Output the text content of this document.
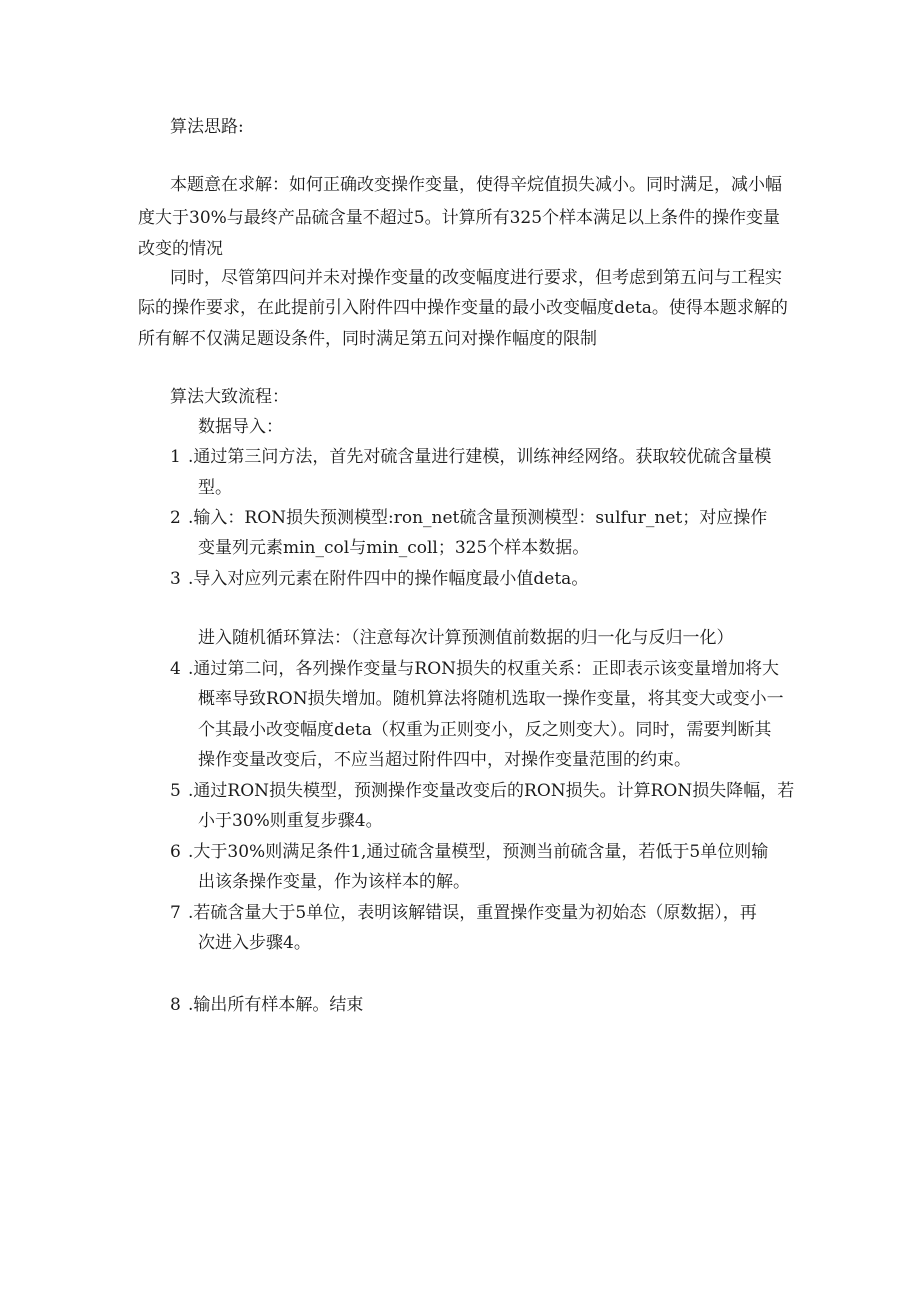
算法思路:
本题意在求解：如何正确改变操作变量，使得辛烷值损失减小。同时满足，减小幅
度大于30%与最终产品硫含量不超过5。计算所有325个样本满足以上条件的操作变量
改变的情况
同时，尽管第四问并未对操作变量的改变幅度进行要求，但考虑到第五问与工程实
际的操作要求，在此提前引入附件四中操作变量的最小改变幅度deta。使得本题求解的
所有解不仅满足题设条件，同时满足第五问对操作幅度的限制
算法大致流程：
数据导入：
1 .通过第三问方法，首先对硫含量进行建模，训练神经网络。获取较优硫含量模
型。
2 .输入：RON损失预测模型:ron_net硫含量预测模型：sulfur_net；对应操作
变量列元素min_col与min_coll；325个样本数据。
3 .导入对应列元素在附件四中的操作幅度最小值deta。
进入随机循环算法：（注意每次计算预测值前数据的归一化与反归一化）
4 .通过第二问，各列操作变量与RON损失的权重关系：正即表示该变量增加将大
概率导致RON损失增加。随机算法将随机选取一操作变量，将其变大或变小一
个其最小改变幅度deta（权重为正则变小，反之则变大）。同时，需要判断其
操作变量改变后，不应当超过附件四中，对操作变量范围的约束。
5 .通过RON损失模型，预测操作变量改变后的RON损失。计算RON损失降幅，若
小于30%则重复步骤4。
6 .大于30%则满足条件1,通过硫含量模型，预测当前硫含量，若低于5单位则输
出该条操作变量，作为该样本的解。
7 .若硫含量大于5单位，表明该解错误，重置操作变量为初始态（原数据），再
次进入步骤4。
8 .输出所有样本解。结束
